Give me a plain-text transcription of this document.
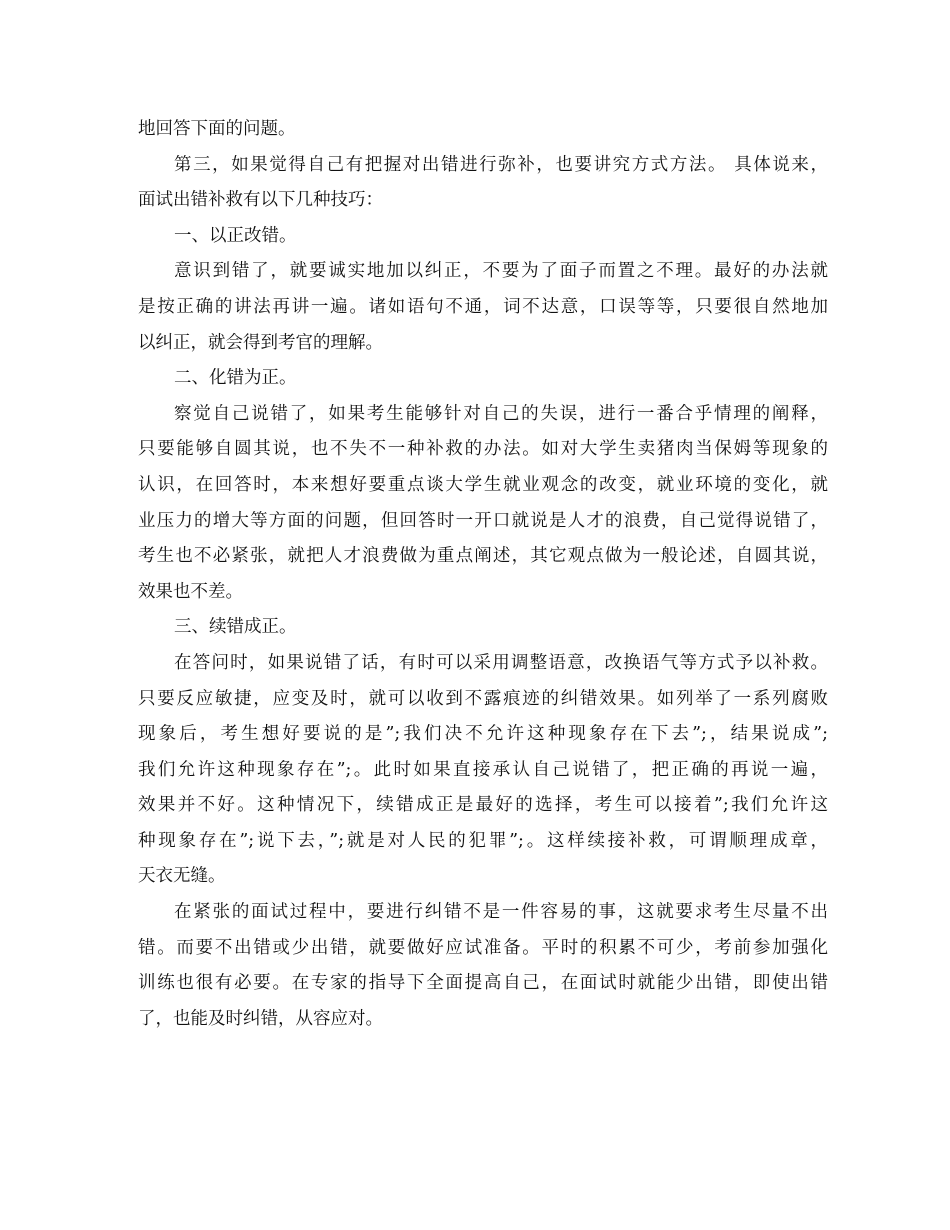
地回答下面的问题。
第三，如果觉得自己有把握对出错进行弥补，也要讲究方式方法。 具体说来，
面试出错补救有以下几种技巧：
一、以正改错。
意识到错了，就要诚实地加以纠正，不要为了面子而置之不理。最好的办法就
是按正确的讲法再讲一遍。诸如语句不通，词不达意，口误等等，只要很自然地加
以纠正，就会得到考官的理解。
二、化错为正。
察觉自己说错了，如果考生能够针对自己的失误，进行一番合乎情理的阐释，
只要能够自圆其说，也不失不一种补救的办法。如对大学生卖猪肉当保姆等现象的
认识，在回答时，本来想好要重点谈大学生就业观念的改变，就业环境的变化，就
业压力的增大等方面的问题，但回答时一开口就说是人才的浪费，自己觉得说错了，
考生也不必紧张，就把人才浪费做为重点阐述，其它观点做为一般论述，自圆其说，
效果也不差。
三、续错成正。
在答问时，如果说错了话，有时可以采用调整语意，改换语气等方式予以补救。
只要反应敏捷，应变及时，就可以收到不露痕迹的纠错效果。如列举了一系列腐败
现象后，考生想好要说的是”;我们决不允许这种现象存在下去”;，结果说成”;
我们允许这种现象存在”;。此时如果直接承认自己说错了，把正确的再说一遍，
效果并不好。这种情况下，续错成正是最好的选择，考生可以接着”;我们允许这
种现象存在”;说下去，”;就是对人民的犯罪”;。这样续接补救，可谓顺理成章，
天衣无缝。
在紧张的面试过程中，要进行纠错不是一件容易的事，这就要求考生尽量不出
错。而要不出错或少出错，就要做好应试准备。平时的积累不可少，考前参加强化
训练也很有必要。在专家的指导下全面提高自己，在面试时就能少出错，即使出错
了，也能及时纠错，从容应对。
